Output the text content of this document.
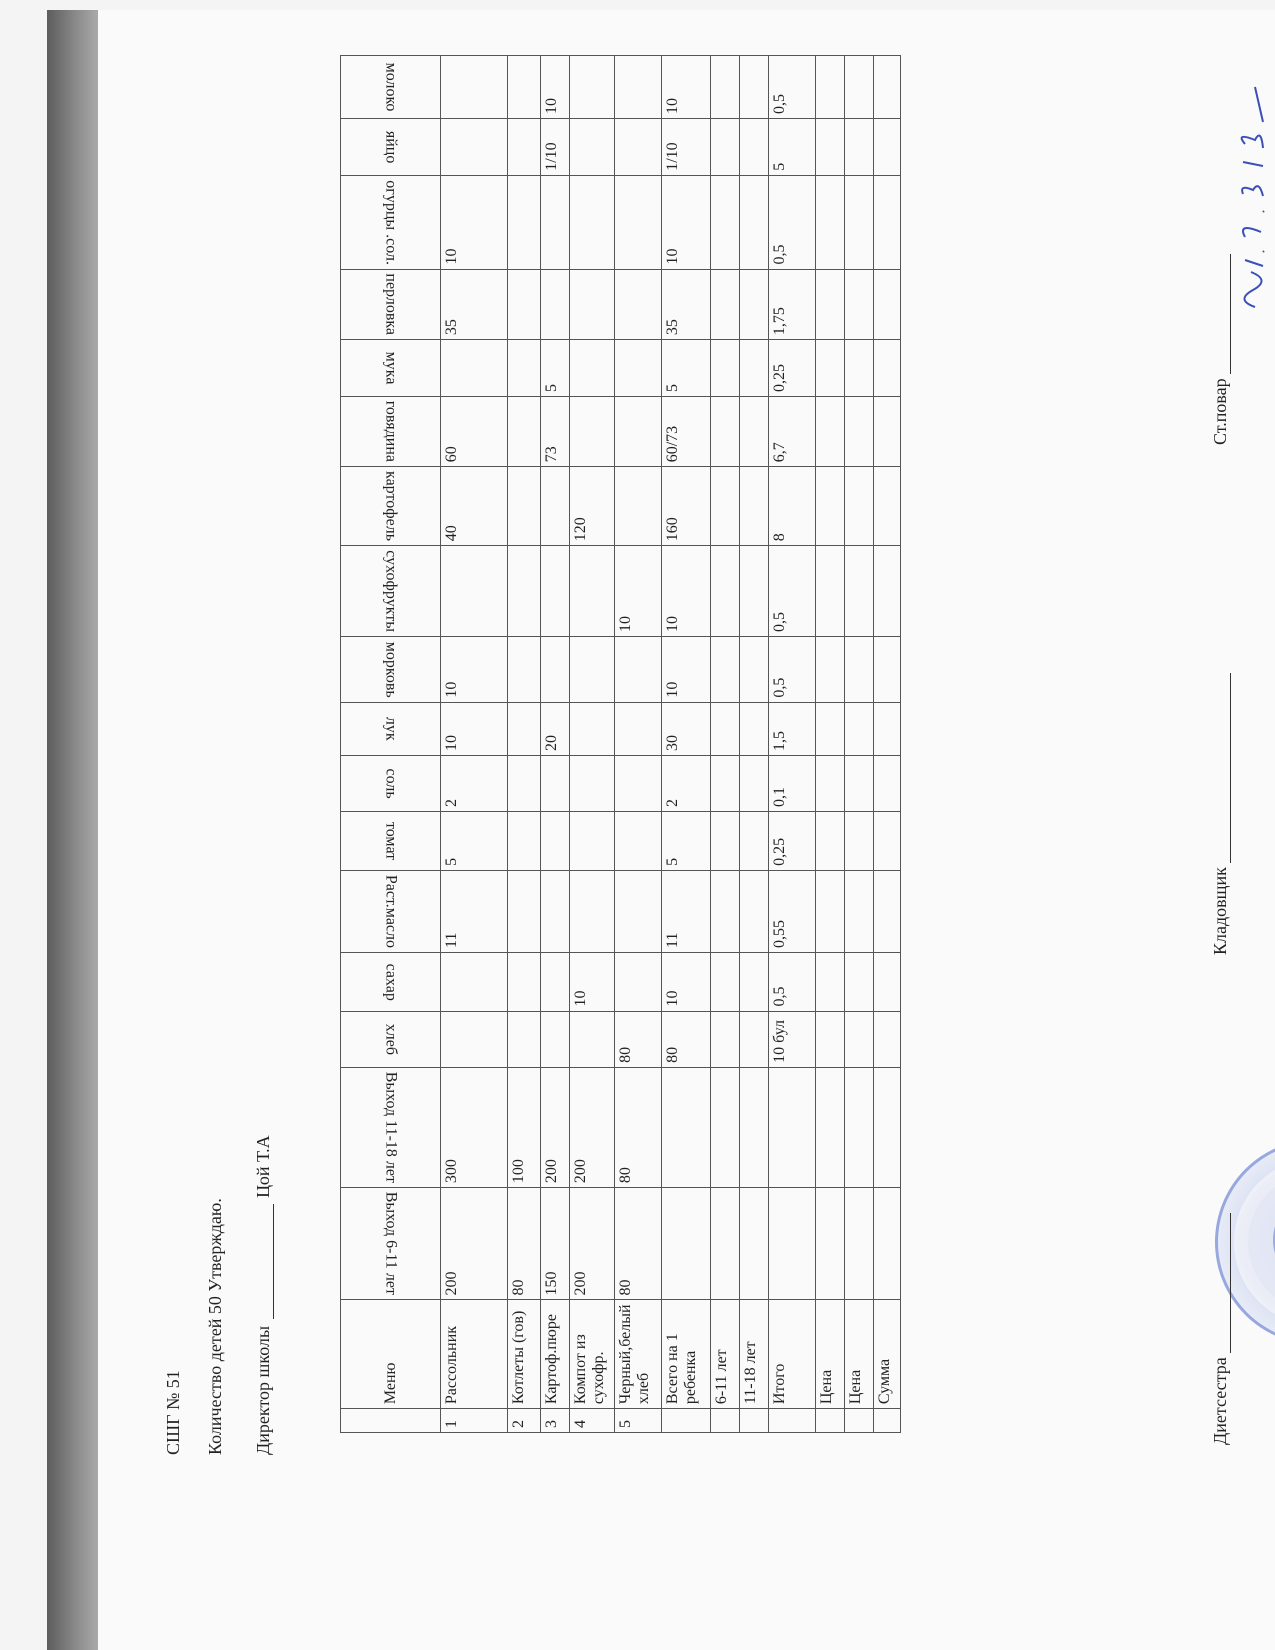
СШГ № 51 Количество детей 50 Утверждаю. Директор школы  Цой Т.А
	Меню	Выход 6-11 лет	Выход 11-18 лет	хлеб	сахар	Раст.масло	томат	соль	лук	морковь	сухофрукты	картофель	говядина	мука	перловка	огурцы .сол.	яйцо	молоко

1	Рассольник	200	300			11	5	2	10	10		40	60		35	10		
2	Котлеты (гов)	80	100															
3	Картоф.пюре	150	200						20				73	5			1/10	10
4	Компот из сухофр.	200	200		10							120						
5	Черный,белый хлеб	80	80	80							10							
	Всего на 1 ребенка			80	10	11	5	2	30	10	10	160	60/73	5	35	10	1/10	10
	6-11 лет																	
	11-18 лет																	
	Итого			10 бул	0,5	0,55	0,25	0,1	1,5	0,5	0,5	8	6,7	0,25	1,75	0,5	5	0,5
	Цена																	
	Цена																	
	Сумма																		Диетсестра
Кладовщик
Ст.повар
